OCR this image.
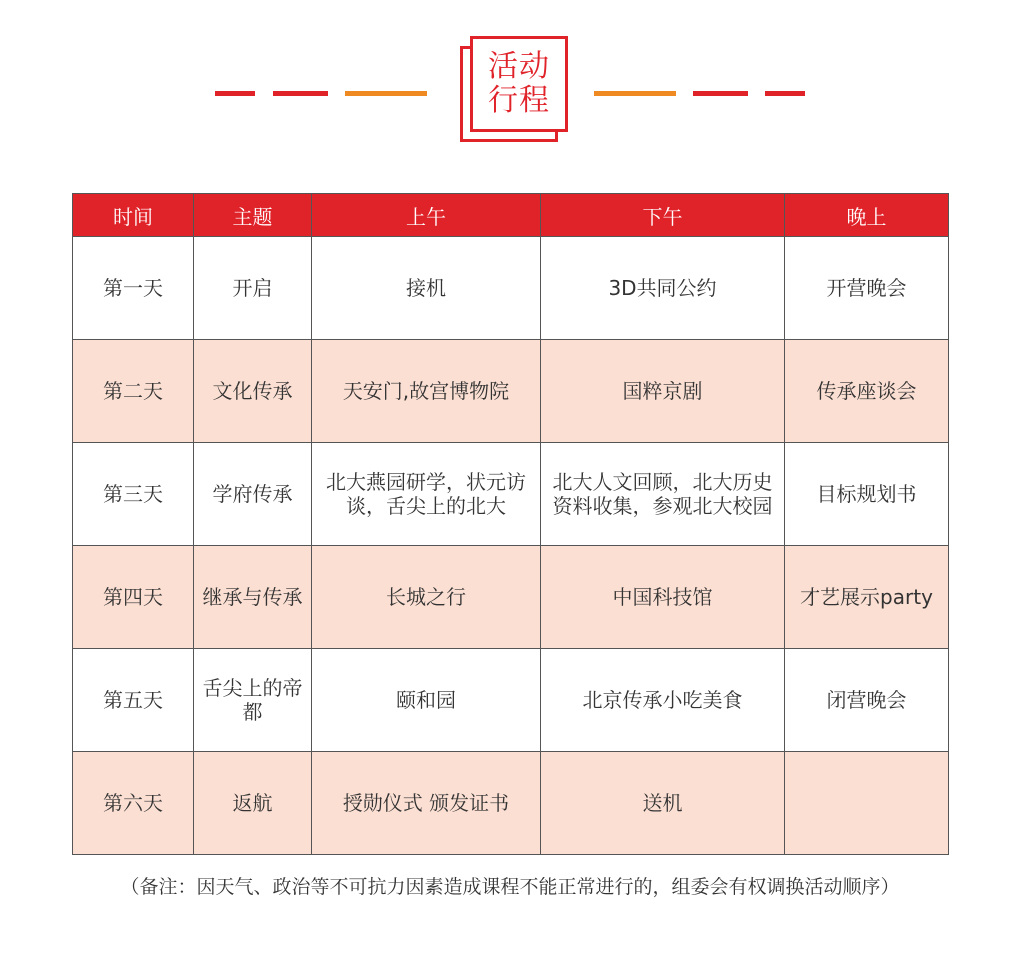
活动
行程
时间	主题	上午	下午	晚上
第一天	开启	接机	3D共同公约	开营晚会
第二天	文化传承	天安门,故宫博物院	国粹京剧	传承座谈会
第三天	学府传承	北大燕园研学，状元访谈，舌尖上的北大	北大人文回顾，北大历史资料收集，参观北大校园	目标规划书
第四天	继承与传承	长城之行	中国科技馆	才艺展示party
第五天	舌尖上的帝都	颐和园	北京传承小吃美食	闭营晚会
第六天	返航	授勋仪式 颁发证书	送机	
（备注：因天气、政治等不可抗力因素造成课程不能正常进行的，组委会有权调换活动顺序）
